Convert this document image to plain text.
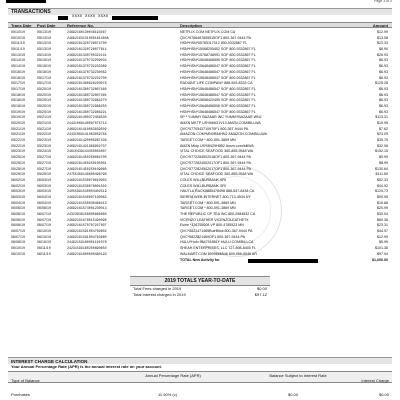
Page 3 of 3
TRANSACTIONS
XXXX XXXX XXXX
Trans Date Post Date	Reference No.	Description	Amount
05/10/19	05/13/19	24692160130048193467	NETFLIX.COM NETFLIX.COM CA	$12.99
05/10/19	05/13/19	24692163131000161460A	QVC*5768487855515OF1 800-367-9444 PA	$13.08
05/11/19	05/13/19	24692161320726074700	HSN*HSN*05765117012 800-9332867 FL	$23.33
05/11/19	05/13/19	24692161320726077614	HSN*HSN*15068205402 SOF 800-9332867 FL	$6.90
05/13/19	05/14/19	24692161340700322141	HSN*HSN*15768748991 SOF 800-9332867 FL	$26.93
05/14/19	05/15/19	24692161370732209034	HSN*HSN*15648466506 SOF 800-9332867 FL	$6.93
05/14/19	05/15/19	24692161370732233389	HSN*HSN*15648486547 SOF 800-9332867 FL	$6.93
05/16/19	05/16/19	24692161370732230082	HSN*HSN*15648486547 SOF 800-9332867 FL	$6.93
05/16/19	05/17/19	24692161370732232700	HSN*HSN*15648466547 SOF 800-9332867 FL	$6.93
05/17/19	05/17/19	24692161380828220076	RADIANT LIFE COMPANY 888-593-8333 CA	$125.28
05/17/19	05/20/19	24692161380732807460	HSN*HSN*15648486547 SOF 800-9332867 FL	$6.93
05/18/19	05/20/19	24692161380732807465	HSN*HSN*15648486547 SOF 800-9332867 FL	$6.93
05/18/19	05/20/19	24692161380732984270	HSN*HSN*15658420495 SOF 800-9332867 FL	$6.93
05/18/19	05/20/19	24692161380732988250	HSN*HSN*15648466506 SOF 800-9332867 FL	$6.93
05/19/19	05/20/19	24692161380732986221	HSN*HSN*15648486547 SOF 800-9332867 FL	$6.93
05/19/19	05/21/19	24692161400372456530	SP * YUMMY BAZAAR INC YUMMYBAZAAR.WNJ	$113.31
05/20/19	05/21/19	24431069140087075714	AMZN MKTP US*M46G1V13 AMZN.COM/BILLWA	$19.95
05/21/19	05/21/19	24692161410063839509	QVC*5770543710970F1 800-367-9444 PA	$7.62
05/21/19	05/22/19	24431069141063059784	AMAZON.COM*MN0R84HN2 AMAZON.COM/BILLWA	$23.09
05/22/19	05/23/19	24692161420000967436	TARGET.COM * 800-591-3869 MN	$35.79
05/22/19	05/23/19	24692161421966902707	AMZN Mktp US*MN29H9B2 Amzn.com/billWA	$32.06
05/23/19	05/24/19	24610439144450004807	VITAL CHOICE SEAFOOD 360-855-9548 WA	$152.15
05/25/19	05/27/19	24692161450250084700	QVC*5772284502018OF1 800-367-9444 PA	$9.99
05/25/19	05/27/19	24692161450250105001	QVC*5772824502017OF1 800-367-9444 PA	$8.99
05/25/19	05/27/19	24692161450250109060	QVC*5772824502017OF1 800-367-9444 PA	$130.64
05/29/19	05/29/19	24755409148600496798	VITAL CHOICE SEAFOOD 360-855-9548 WA	$111.60
06/02/19	06/03/19	24692161530078010903	COLES WILLBURBANK.SRI	$52.33
06/02/19	06/03/19	24692161530078001503	COLES WILLBURBANK.SRI	$44.92
06/03/19	06/03/19	24055991540004402519	HAUTLA RACK8885478498 888-547-8438 CA	$124.73
06/03/19	06/04/19	24692161540007190082	SIERRA WEB-INTERNET 800-713-4534 NY	$99.95
06/04/19	06/04/19	24692161550030466413	TARGET.COM * 800-591-3869 MN	$16.68
06/06/19	06/06/19	24692161574001230013	TARGET.COM * 800-591-3869 MN	$20.99
06/06/19	06/07/19	24323839158000968660	THE REPUBLIC OF TEA INC.800-2984832 CA	$30.04
06/06/19	06/07/19	24692161578015490096	VICENZO LEATHER VICENZOLEATHETX	$60.36
06/06/19	06/07/19	24692161570707247607	Evine *136755008 VP 800-4785523 MN	$23.31
06/07/19	06/10/19	24692161591004769602	QVC*5821471469BuirBitos 800-367-9444 PA	$44.97
06/07/19	06/10/19	24692161591004763660	QVC*5822821469OF1 800-367-9444 PA	$12.99
06/08/19	06/10/19	24492159160001101078	HULU*Hulu 964791881Y HULU.COM/BILLCA	$5.99
06/10/19	06/11/19	24231599160200890650	SHEAH ENTERPRISES, LLC 727-898-8400 FL	$101.36
06/10/19	06/11/19	24692161600000480193	WALMART.COM 8009666546 800-966-6546 AR	$97.94
TOTAL New Activity for	$1,606.60
2019 TOTALS YEAR-TO-DATE
Total Fees charged in 2019	$0.00
Total Interest charged in 2019	$97.12
INTEREST CHARGE CALCULATION
Your Annual Percentage Rate (APR) is the annual interest rate on your account.
Type of Balance
Annual Percentage Rate (APR)	Balance Subject to Interest Rate
Interest Charge
Purchases	11.90% (v)	$0.00	$0.00
